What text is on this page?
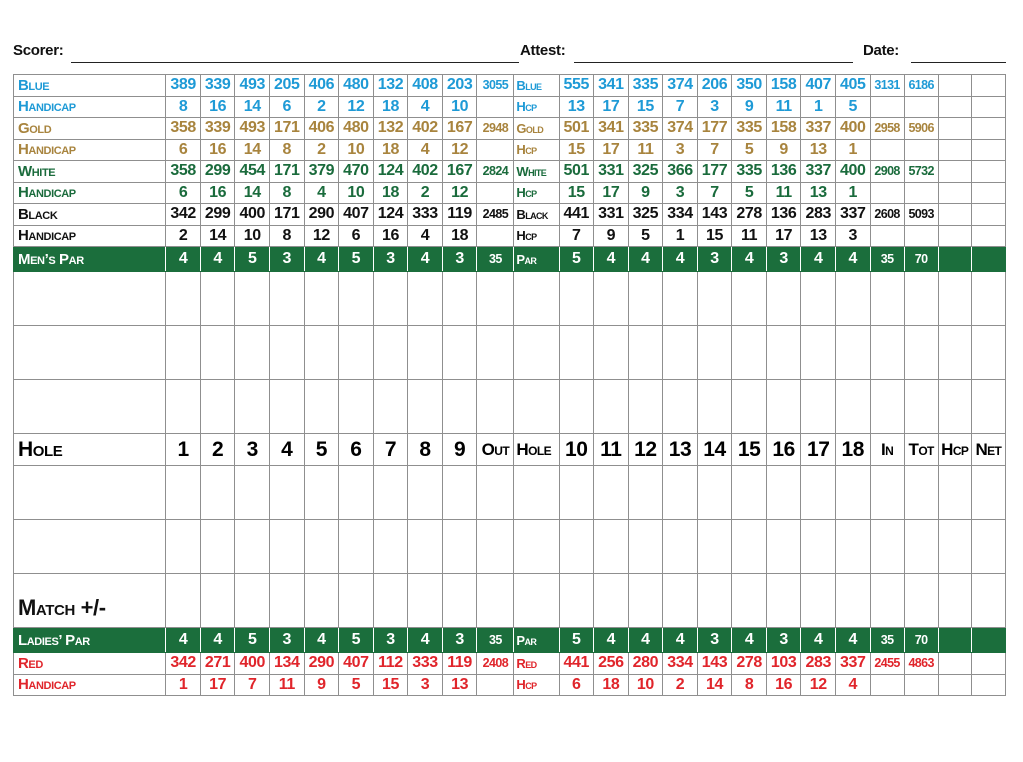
Scorer:	Attest:	Date:
Blue	389	339	493	205	406	480	132	408	203	3055	Blue	555	341	335	374	206	350	158	407	405	3131	6186		
Handicap	8	16	14	6	2	12	18	4	10		Hcp	13	17	15	7	3	9	11	1	5				
Gold	358	339	493	171	406	480	132	402	167	2948	Gold	501	341	335	374	177	335	158	337	400	2958	5906		
Handicap	6	16	14	8	2	10	18	4	12		Hcp	15	17	11	3	7	5	9	13	1				
White	358	299	454	171	379	470	124	402	167	2824	White	501	331	325	366	177	335	136	337	400	2908	5732		
Handicap	6	16	14	8	4	10	18	2	12		Hcp	15	17	9	3	7	5	11	13	1				
Black	342	299	400	171	290	407	124	333	119	2485	Black	441	331	325	334	143	278	136	283	337	2608	5093		
Handicap	2	14	10	8	12	6	16	4	18		Hcp	7	9	5	1	15	11	17	13	3				
Men’s Par	4	4	5	3	4	5	3	4	3	35	Par	5	4	4	4	3	4	3	4	4	35	70		

Hole	1	2	3	4	5	6	7	8	9	Out	Hole	10	11	12	13	14	15	16	17	18	In	Tot	Hcp	Net

Match +/-																								
Ladies’ Par	4	4	5	3	4	5	3	4	3	35	Par	5	4	4	4	3	4	3	4	4	35	70		
Red	342	271	400	134	290	407	112	333	119	2408	Red	441	256	280	334	143	278	103	283	337	2455	4863		
Handicap	1	17	7	11	9	5	15	3	13		Hcp	6	18	10	2	14	8	16	12	4				
